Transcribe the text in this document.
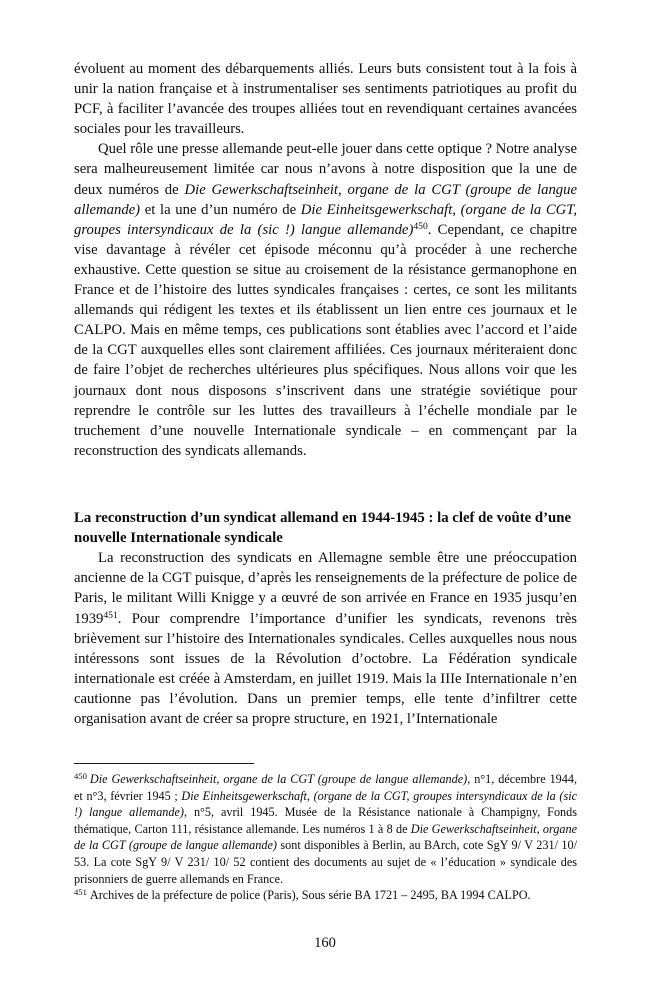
évoluent au moment des débarquements alliés. Leurs buts consistent tout à la fois à unir la nation française et à instrumentaliser ses sentiments patriotiques au profit du PCF, à faciliter l’avancée des troupes alliées tout en revendiquant certaines avancées sociales pour les travailleurs.

Quel rôle une presse allemande peut-elle jouer dans cette optique ? Notre analyse sera malheureusement limitée car nous n’avons à notre disposition que la une de deux numéros de Die Gewerkschaftseinheit, organe de la CGT (groupe de langue allemande) et la une d’un numéro de Die Einheitsgewerkschaft, (organe de la CGT, groupes intersyndicaux de la (sic !) langue allemande)$^{450}$. Cependant, ce chapitre vise davantage à révéler cet épisode méconnu qu’à procéder à une recherche exhaustive. Cette question se situe au croisement de la résistance germanophone en France et de l’histoire des luttes syndicales françaises : certes, ce sont les militants allemands qui rédigent les textes et ils établissent un lien entre ces journaux et le CALPO. Mais en même temps, ces publications sont établies avec l’accord et l’aide de la CGT auxquelles elles sont clairement affiliées. Ces journaux mériteraient donc de faire l’objet de recherches ultérieures plus spécifiques. Nous allons voir que les journaux dont nous disposons s’inscrivent dans une stratégie soviétique pour reprendre le contrôle sur les luttes des travailleurs à l’échelle mondiale par le truchement d’une nouvelle Internationale syndicale – en commençant par la reconstruction des syndicats allemands.

La reconstruction d’un syndicat allemand en 1944-1945 : la clef de voûte d’une nouvelle Internationale syndicale

La reconstruction des syndicats en Allemagne semble être une préoccupation ancienne de la CGT puisque, d’après les renseignements de la préfecture de police de Paris, le militant Willi Knigge y a œuvré de son arrivée en France en 1935 jusqu’en 1939$^{451}$. Pour comprendre l’importance d’unifier les syndicats, revenons très brièvement sur l’histoire des Internationales syndicales. Celles auxquelles nous nous intéressons sont issues de la Révolution d’octobre. La Fédération syndicale internationale est créée à Amsterdam, en juillet 1919. Mais la IIIe Internationale n’en cautionne pas l’évolution. Dans un premier temps, elle tente d’infiltrer cette organisation avant de créer sa propre structure, en 1921, l’Internationale

$^{450}$ Die Gewerkschaftseinheit, organe de la CGT (groupe de langue allemande), n°1, décembre 1944, et n°3, février 1945 ; Die Einheitsgewerkschaft, (organe de la CGT, groupes intersyndicaux de la (sic !) langue allemande), n°5, avril 1945. Musée de la Résistance nationale à Champigny, Fonds thématique, Carton 111, résistance allemande. Les numéros 1 à 8 de Die Gewerkschaftseinheit, organe de la CGT (groupe de langue allemande) sont disponibles à Berlin, au BArch, cote SgY 9/ V 231/ 10/ 53. La cote SgY 9/ V 231/ 10/ 52 contient des documents au sujet de « l’éducation » syndicale des prisonniers de guerre allemands en France.

$^{451}$ Archives de la préfecture de police (Paris), Sous série BA 1721 – 2495, BA 1994 CALPO.

160
